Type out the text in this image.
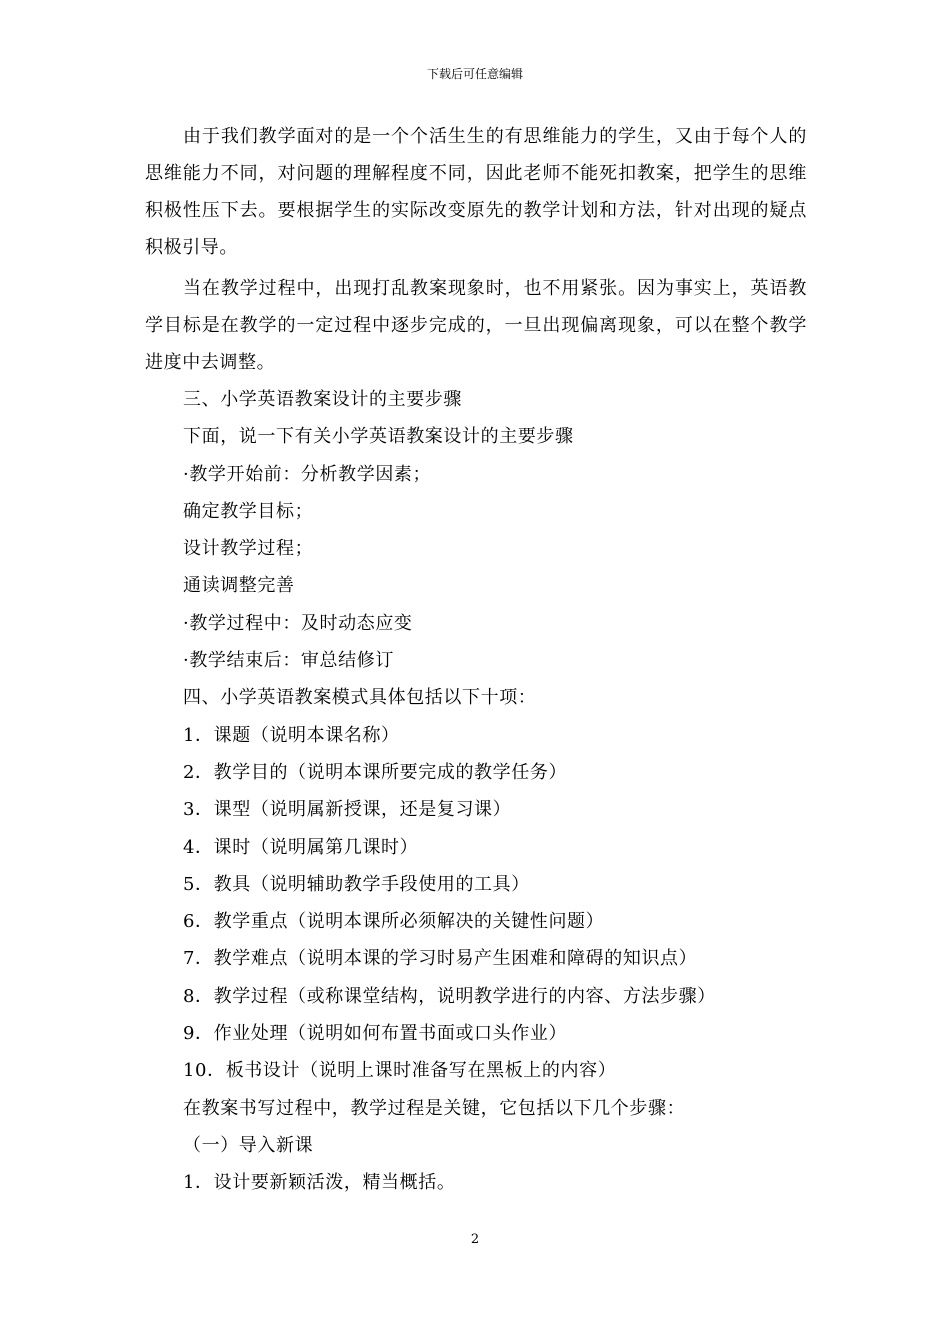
下载后可任意编辑

由于我们教学面对的是一个个活生生的有思维能力的学生，又由于每个人的思维能力不同，对问题的理解程度不同，因此老师不能死扣教案，把学生的思维积极性压下去。要根据学生的实际改变原先的教学计划和方法，针对出现的疑点积极引导。

当在教学过程中，出现打乱教案现象时，也不用紧张。因为事实上，英语教学目标是在教学的一定过程中逐步完成的，一旦出现偏离现象，可以在整个教学进度中去调整。

三、小学英语教案设计的主要步骤

下面，说一下有关小学英语教案设计的主要步骤

·教学开始前：分析教学因素；

确定教学目标；

设计教学过程；

通读调整完善

·教学过程中：及时动态应变

·教学结束后：审总结修订

四、小学英语教案模式具体包括以下十项：

1．课题（说明本课名称）

2．教学目的（说明本课所要完成的教学任务）

3．课型（说明属新授课，还是复习课）

4．课时（说明属第几课时）

5．教具（说明辅助教学手段使用的工具）

6．教学重点（说明本课所必须解决的关键性问题）

7．教学难点（说明本课的学习时易产生困难和障碍的知识点）

8．教学过程（或称课堂结构，说明教学进行的内容、方法步骤）

9．作业处理（说明如何布置书面或口头作业）

10．板书设计（说明上课时准备写在黑板上的内容）

在教案书写过程中，教学过程是关键，它包括以下几个步骤：

（一）导入新课

1．设计要新颖活泼，精当概括。

2
